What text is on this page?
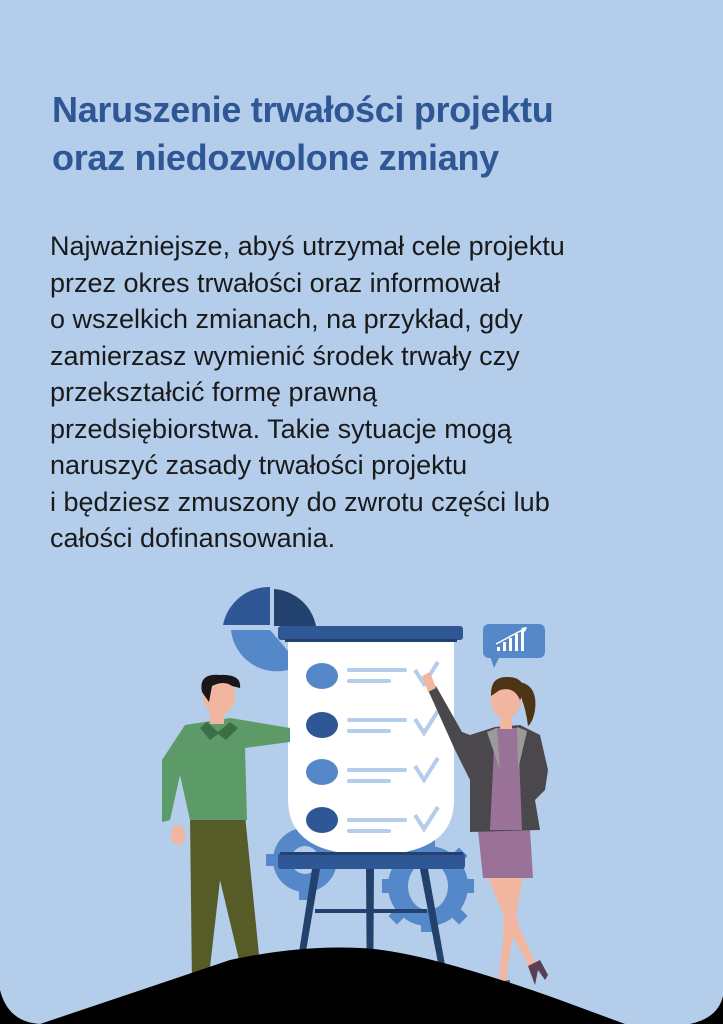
Naruszenie trwałości projektu
oraz niedozwolone zmiany

Najważniejsze, abyś utrzymał cele projektu
przez okres trwałości oraz informował
o wszelkich zmianach, na przykład, gdy
zamierzasz wymienić środek trwały czy
przekształcić formę prawną
przedsiębiorstwa. Takie sytuacje mogą
naruszyć zasady trwałości projektu
i będziesz zmuszony do zwrotu części lub
całości dofinansowania.
